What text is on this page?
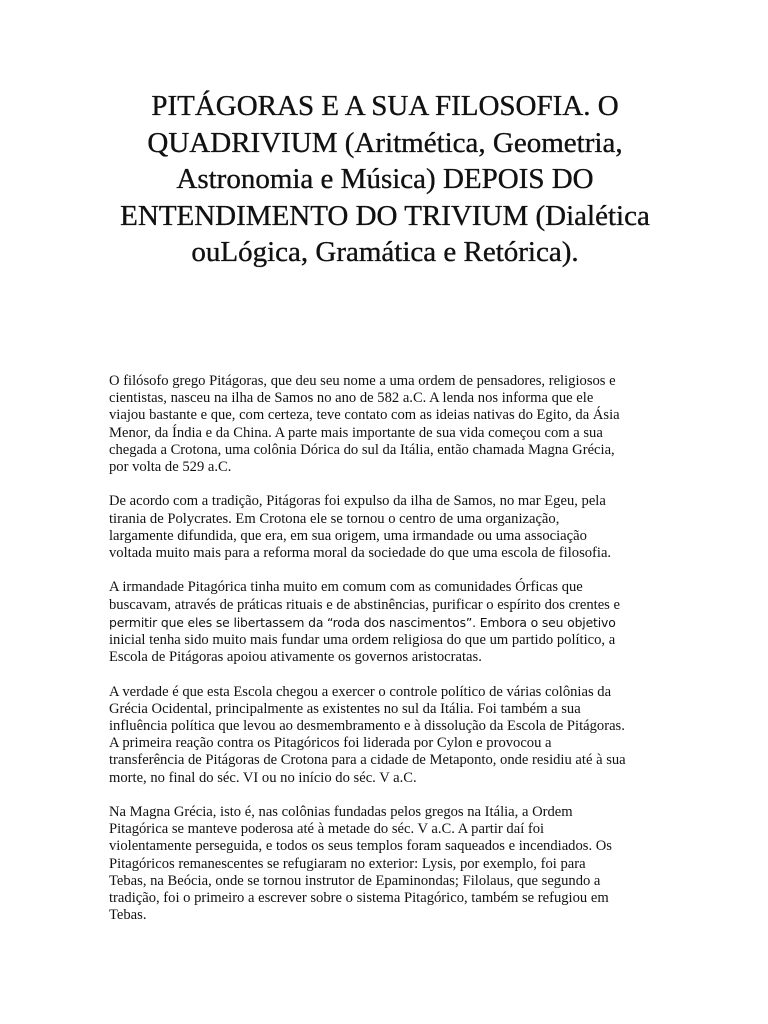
PITÁGORAS E A SUA FILOSOFIA. O QUADRIVIUM (Aritmética, Geometria, Astronomia e Música) DEPOIS DO ENTENDIMENTO DO TRIVIUM (Dialética ouLógica, Gramática e Retórica).

O filósofo grego Pitágoras, que deu seu nome a uma ordem de pensadores, religiosos e
cientistas, nasceu na ilha de Samos no ano de 582 a.C. A lenda nos informa que ele
viajou bastante e que, com certeza, teve contato com as ideias nativas do Egito, da Ásia
Menor, da Índia e da China. A parte mais importante de sua vida começou com a sua
chegada a Crotona, uma colônia Dórica do sul da Itália, então chamada Magna Grécia,
por volta de 529 a.C.

De acordo com a tradição, Pitágoras foi expulso da ilha de Samos, no mar Egeu, pela
tirania de Polycrates. Em Crotona ele se tornou o centro de uma organização,
largamente difundida, que era, em sua origem, uma irmandade ou uma associação
voltada muito mais para a reforma moral da sociedade do que uma escola de filosofia.

A irmandade Pitagórica tinha muito em comum com as comunidades Órficas que
buscavam, através de práticas rituais e de abstinências, purificar o espírito dos crentes e
permitir que eles se libertassem da “roda dos nascimentos”. Embora o seu objetivo
inicial tenha sido muito mais fundar uma ordem religiosa do que um partido político, a
Escola de Pitágoras apoiou ativamente os governos aristocratas.

A verdade é que esta Escola chegou a exercer o controle político de várias colônias da
Grécia Ocidental, principalmente as existentes no sul da Itália. Foi também a sua
influência política que levou ao desmembramento e à dissolução da Escola de Pitágoras.
A primeira reação contra os Pitagóricos foi liderada por Cylon e provocou a
transferência de Pitágoras de Crotona para a cidade de Metaponto, onde residiu até à sua
morte, no final do séc. VI ou no início do séc. V a.C.

Na Magna Grécia, isto é, nas colônias fundadas pelos gregos na Itália, a Ordem
Pitagórica se manteve poderosa até à metade do séc. V a.C. A partir daí foi
violentamente perseguida, e todos os seus templos foram saqueados e incendiados. Os
Pitagóricos remanescentes se refugiaram no exterior: Lysis, por exemplo, foi para
Tebas, na Beócia, onde se tornou instrutor de Epaminondas; Filolaus, que segundo a
tradição, foi o primeiro a escrever sobre o sistema Pitagórico, também se refugiou em
Tebas.
